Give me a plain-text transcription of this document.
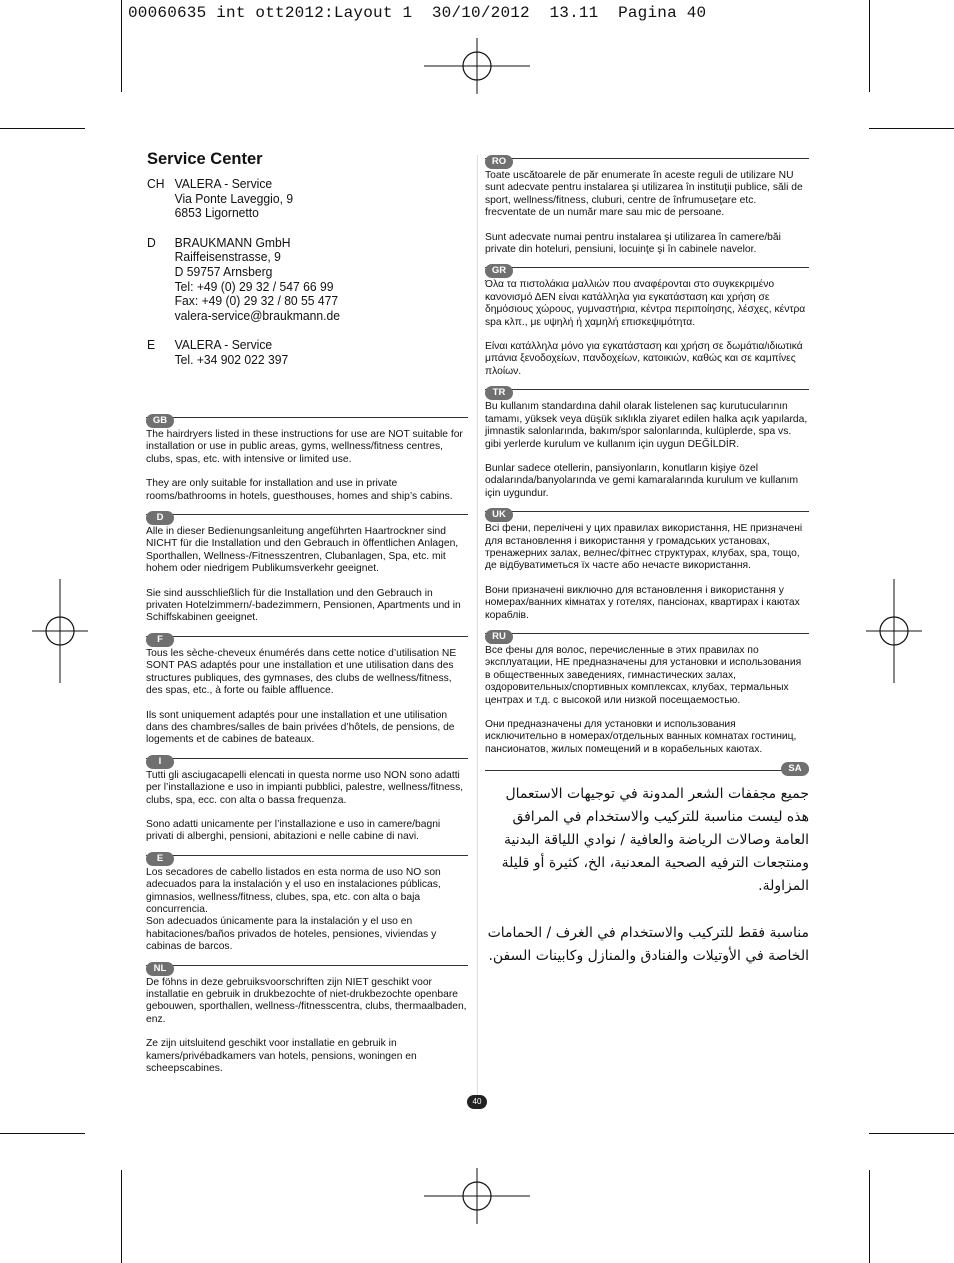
00060635 int ott2012:Layout 1  30/10/2012  13.11  Pagina 40
Service Center
CH VALERA - Service
Via Ponte Laveggio, 9
6853 Ligornetto
D	BRAUKMANN GmbH
Raiffeisenstrasse, 9
D 59757 Arnsberg
Tel: +49 (0) 29 32 / 547 66 99
Fax: +49 (0) 29 32 / 80 55 477
valera-service@braukmann.de
E	VALERA - Service
Tel. +34 902 022 397
GB

The hairdryers listed in these instructions for use are NOT suitable for installation or use in public areas, gyms, wellness/fitness centres, clubs, spas, etc. with intensive or limited use.

They are only suitable for installation and use in private rooms/bathrooms in hotels, guesthouses, homes and ship’s cabins.

D

Alle in dieser Bedienungsanleitung angeführten Haartrockner sind NICHT für die Installation und den Gebrauch in öffentlichen Anlagen, Sporthallen, Wellness-/Fitnesszentren, Clubanlagen, Spa, etc. mit hohem oder niedrigem Publikumsverkehr geeignet.

Sie sind ausschließlich für die Installation und den Gebrauch in privaten Hotelzimmern/-badezimmern, Pensionen, Apartments und in Schiffskabinen geeignet.

F

Tous les sèche-cheveux énumérés dans cette notice d’utilisation NE SONT PAS adaptés pour une installation et une utilisation dans des structures publiques, des gymnases, des clubs de wellness/fitness, des spas, etc., à forte ou faible affluence.

Ils sont uniquement adaptés pour une installation et une utilisation dans des chambres/salles de bain privées d’hôtels, de pensions, de logements et de cabines de bateaux.

I

Tutti gli asciugacapelli elencati in questa norme uso NON sono adatti per l’installazione e uso in impianti pubblici, palestre, wellness/fitness, clubs, spa, ecc. con alta o bassa frequenza.

Sono adatti unicamente per l’installazione e uso in camere/bagni privati di alberghi, pensioni, abitazioni e nelle cabine di navi.

E

Los secadores de cabello listados en esta norma de uso NO son adecuados para la instalación y el uso en instalaciones públicas, gimnasios, wellness/fitness, clubes, spa, etc. con alta o baja concurrencia.
Son adecuados únicamente para la instalación y el uso en habitaciones/baños privados de hoteles, pensiones, viviendas y cabinas de barcos.

NL

De föhns in deze gebruiksvoorschriften zijn NIET geschikt voor installatie en gebruik in drukbezochte of niet-drukbezochte openbare gebouwen, sporthallen, wellness-/fitnesscentra, clubs, thermaalbaden, enz.

Ze zijn uitsluitend geschikt voor installatie en gebruik in kamers/privébadkamers van hotels, pensions, woningen en scheepscabines.

RO

Toate uscătoarele de păr enumerate în aceste reguli de utilizare NU sunt adecvate pentru instalarea şi utilizarea în instituţii publice, săli de sport, wellness/fitness, cluburi, centre de înfrumuseţare etc. frecventate de un număr mare sau mic de persoane.

Sunt adecvate numai pentru instalarea şi utilizarea în camere/băi private din hoteluri, pensiuni, locuinţe şi în cabinele navelor.

GR

Όλα τα πιστολάκια μαλλιών που αναφέρονται στο συγκεκριμένο κανονισμό ΔΕΝ είναι κατάλληλα για εγκατάσταση και χρήση σε δημόσιους χώρους, γυμναστήρια, κέντρα περιποίησης, λέσχες, κέντρα spa κλπ., με υψηλή ή χαμηλή επισκεψιμότητα.

Είναι κατάλληλα μόνο για εγκατάσταση και χρήση σε δωμάτια/ιδιωτικά μπάνια ξενοδοχείων, πανδοχείων, κατοικιών, καθώς και σε καμπίνες πλοίων.

TR

Bu kullanım standardına dahil olarak listelenen saç kurutucularının tamamı, yüksek veya düşük sıklıkla ziyaret edilen halka açık yapılarda, jimnastik salonlarında, bakım/spor salonlarında, kulüplerde, spa vs. gibi yerlerde kurulum ve kullanım için uygun DEĞİLDİR.

Bunlar sadece otellerin, pansiyonların, konutların kişiye özel odalarında/banyolarında ve gemi kamaralarında kurulum ve kullanım için uygundur.

UK

Всі фени, перелічені у цих правилах використання, НЕ призначені для встановлення і використання у громадських установах, тренажерних залах, велнес/фітнес структурах, клубах, spa, тощо, де відбуватиметься їх часте або нечасте використання.

Вони призначені виключно для встановлення і використання у номерах/ванних кімнатах у готелях, пансіонах, квартирах і каютах кораблів.

RU

Все фены для волос, перечисленные в этих правилах по эксплуатации, НЕ предназначены для установки и использования в общественных заведениях, гимнастических залах, оздоровительных/спортивных комплексах, клубах, термальных центрах и т.д. с высокой или низкой посещаемостью.

Они предназначены для установки и использования исключительно в номерах/отдельных ванных комнатах гостиниц, пансионатов, жилых помещений и в корабельных каютах.

SA

جميع مجففات الشعر المدونة في توجيهات الاستعمال هذه ليست مناسبة للتركيب والاستخدام في المرافق العامة وصالات الرياضة والعافية / نوادي اللياقة البدنية ومنتجعات الترفيه الصحية المعدنية، الخ، كثيرة أو قليلة المزاولة.

مناسبة فقط للتركيب والاستخدام في الغرف / الحمامات الخاصة في الأوتيلات والفنادق والمنازل وكابينات السفن.

40
